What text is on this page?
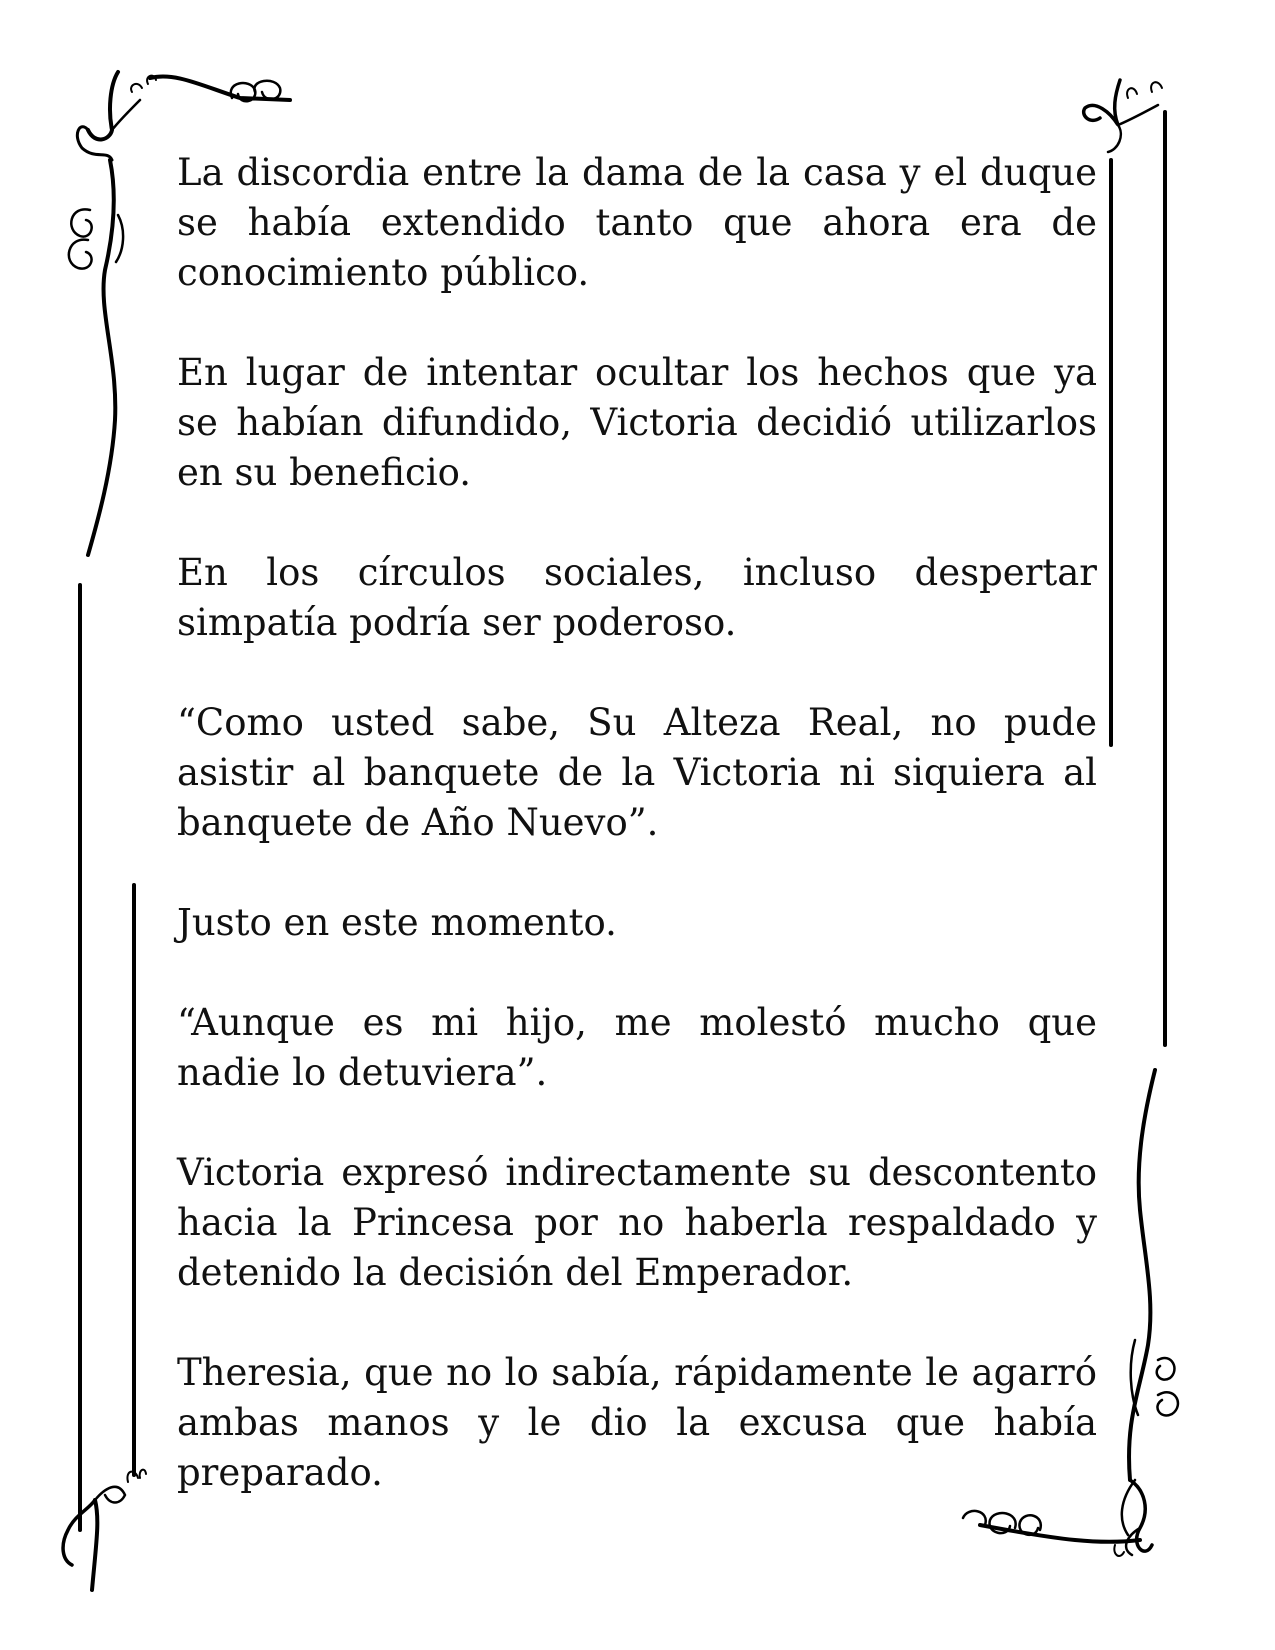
La discordia entre la dama de la casa y el duque se había extendido tanto que ahora era de conocimiento público.

En lugar de intentar ocultar los hechos que ya se habían difundido, Victoria decidió utilizarlos en su beneficio.

En los círculos sociales, incluso despertar simpatía podría ser poderoso.

“Como usted sabe, Su Alteza Real, no pude asistir al banquete de la Victoria ni siquiera al banquete de Año Nuevo”.

Justo en este momento.

“Aunque es mi hijo, me molestó mucho que nadie lo detuviera”.

Victoria expresó indirectamente su descontento hacia la Princesa por no haberla respaldado y detenido la decisión del Emperador.

Theresia, que no lo sabía, rápidamente le agarró ambas manos y le dio la excusa que había preparado.
